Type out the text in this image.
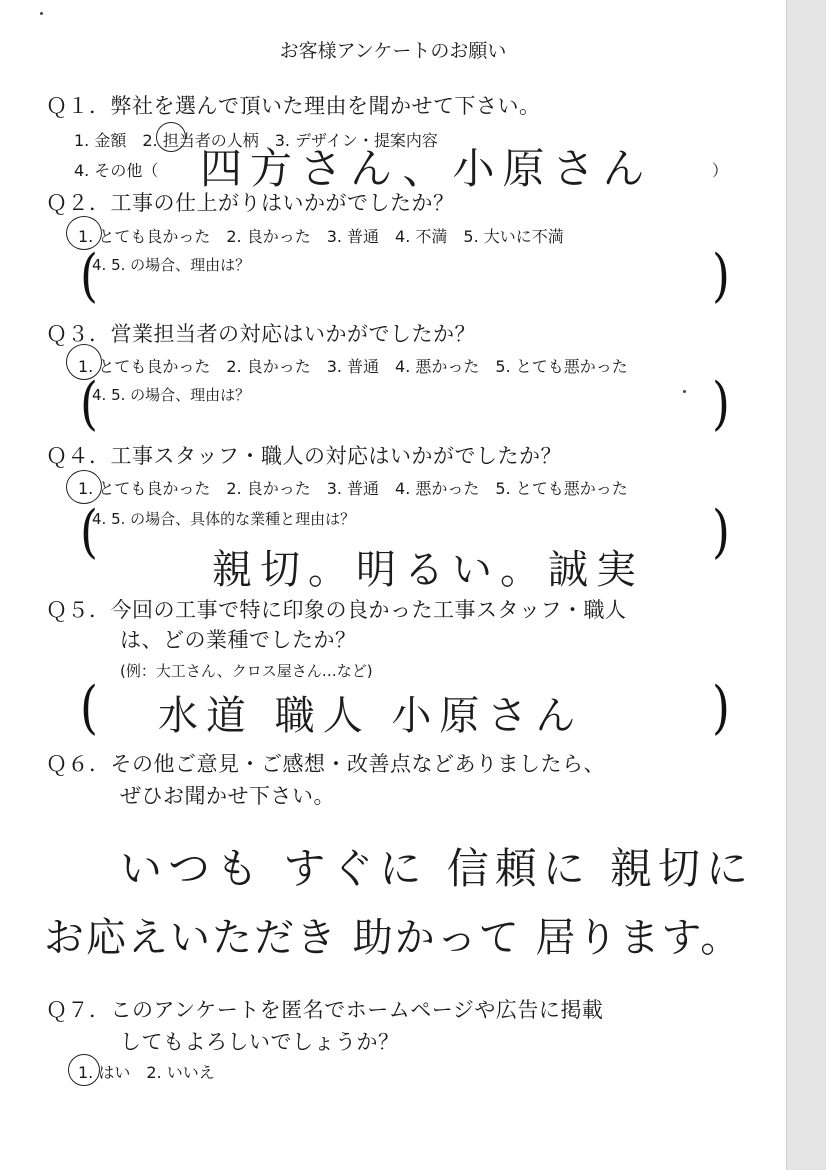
お客様アンケートのお願い
Ｑ１．弊社を選んで頂いた理由を聞かせて下さい。
1. 金額　2. 担当者の人柄　3. デザイン・提案内容
4. その他（	）
四方さん、小原さん
Ｑ２．工事の仕上がりはいかがでしたか？
1. とても良かった　2. 良かった　3. 普通　4. 不満　5. 大いに不満
(
4. 5. の場合、理由は？	)
Ｑ３．営業担当者の対応はいかがでしたか？
1. とても良かった　2. 良かった　3. 普通　4. 悪かった　5. とても悪かった
(
4. 5. の場合、理由は？	)
Ｑ４．工事スタッフ・職人の対応はいかがでしたか？
1. とても良かった　2. 良かった　3. 普通　4. 悪かった　5. とても悪かった
(
4. 5. の場合、具体的な業種と理由は？	)
親切。明るい。誠実
Ｑ５．今回の工事で特に印象の良かった工事スタッフ・職人
は、どの業種でしたか？
(例：大工さん、クロス屋さん…など)
(	)
水道 職人 小原さん
Ｑ６．その他ご意見・ご感想・改善点などありましたら、
ぜひお聞かせ下さい。
いつも すぐに 信頼に 親切に
お応えいただき 助かって 居ります。
Ｑ７．このアンケートを匿名でホームページや広告に掲載
してもよろしいでしょうか？
1. はい　2. いいえ
